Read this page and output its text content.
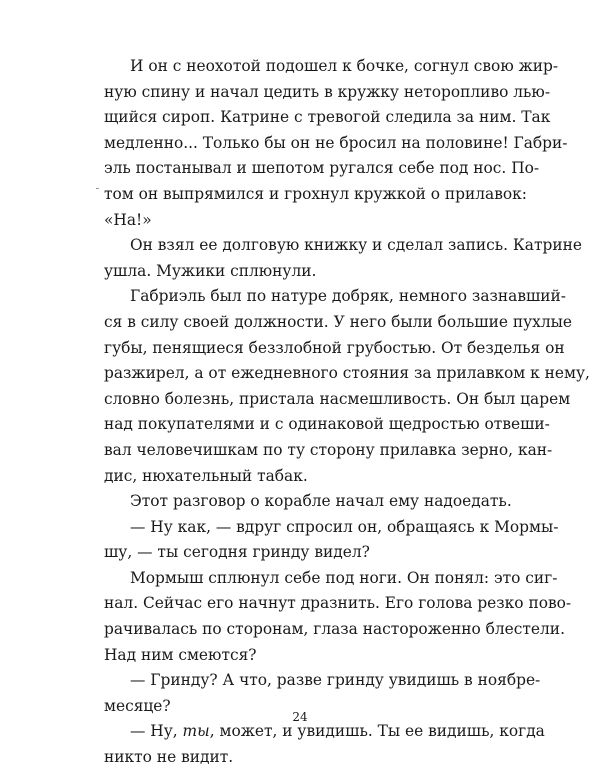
И он с неохотой подошел к бочке, согнул свою жир-
ную спину и начал цедить в кружку неторопливо лью-
щийся сироп. Катрине с тревогой следила за ним. Так
медленно... Только бы он не бросил на половине! Габри-
эль постанывал и шепотом ругался себе под нос. По-
том он выпрямился и грохнул кружкой о прилавок:
«На!»
Он взял ее долговую книжку и сделал запись. Катрине
ушла. Мужики сплюнули.
Габриэль был по натуре добряк, немного зазнавший-
ся в силу своей должности. У него были большие пухлые
губы, пенящиеся беззлобной грубостью. От безделья он
разжирел, а от ежедневного стояния за прилавком к нему,
словно болезнь, пристала насмешливость. Он был царем
над покупателями и с одинаковой щедростью отвеши-
вал человечишкам по ту сторону прилавка зерно, кан-
дис, нюхательный табак.
Этот разговор о корабле начал ему надоедать.
— Ну как, — вдруг спросил он, обращаясь к Мормы-
шу, — ты сегодня гринду видел?
Мормыш сплюнул себе под ноги. Он понял: это сиг-
нал. Сейчас его начнут дразнить. Его голова резко пово-
рачивалась по сторонам, глаза настороженно блестели.
Над ним смеются?
— Гринду? А что, разве гринду увидишь в ноябре-
месяце?
— Ну, ты, может, и увидишь. Ты ее видишь, когда
никто не видит.
24
